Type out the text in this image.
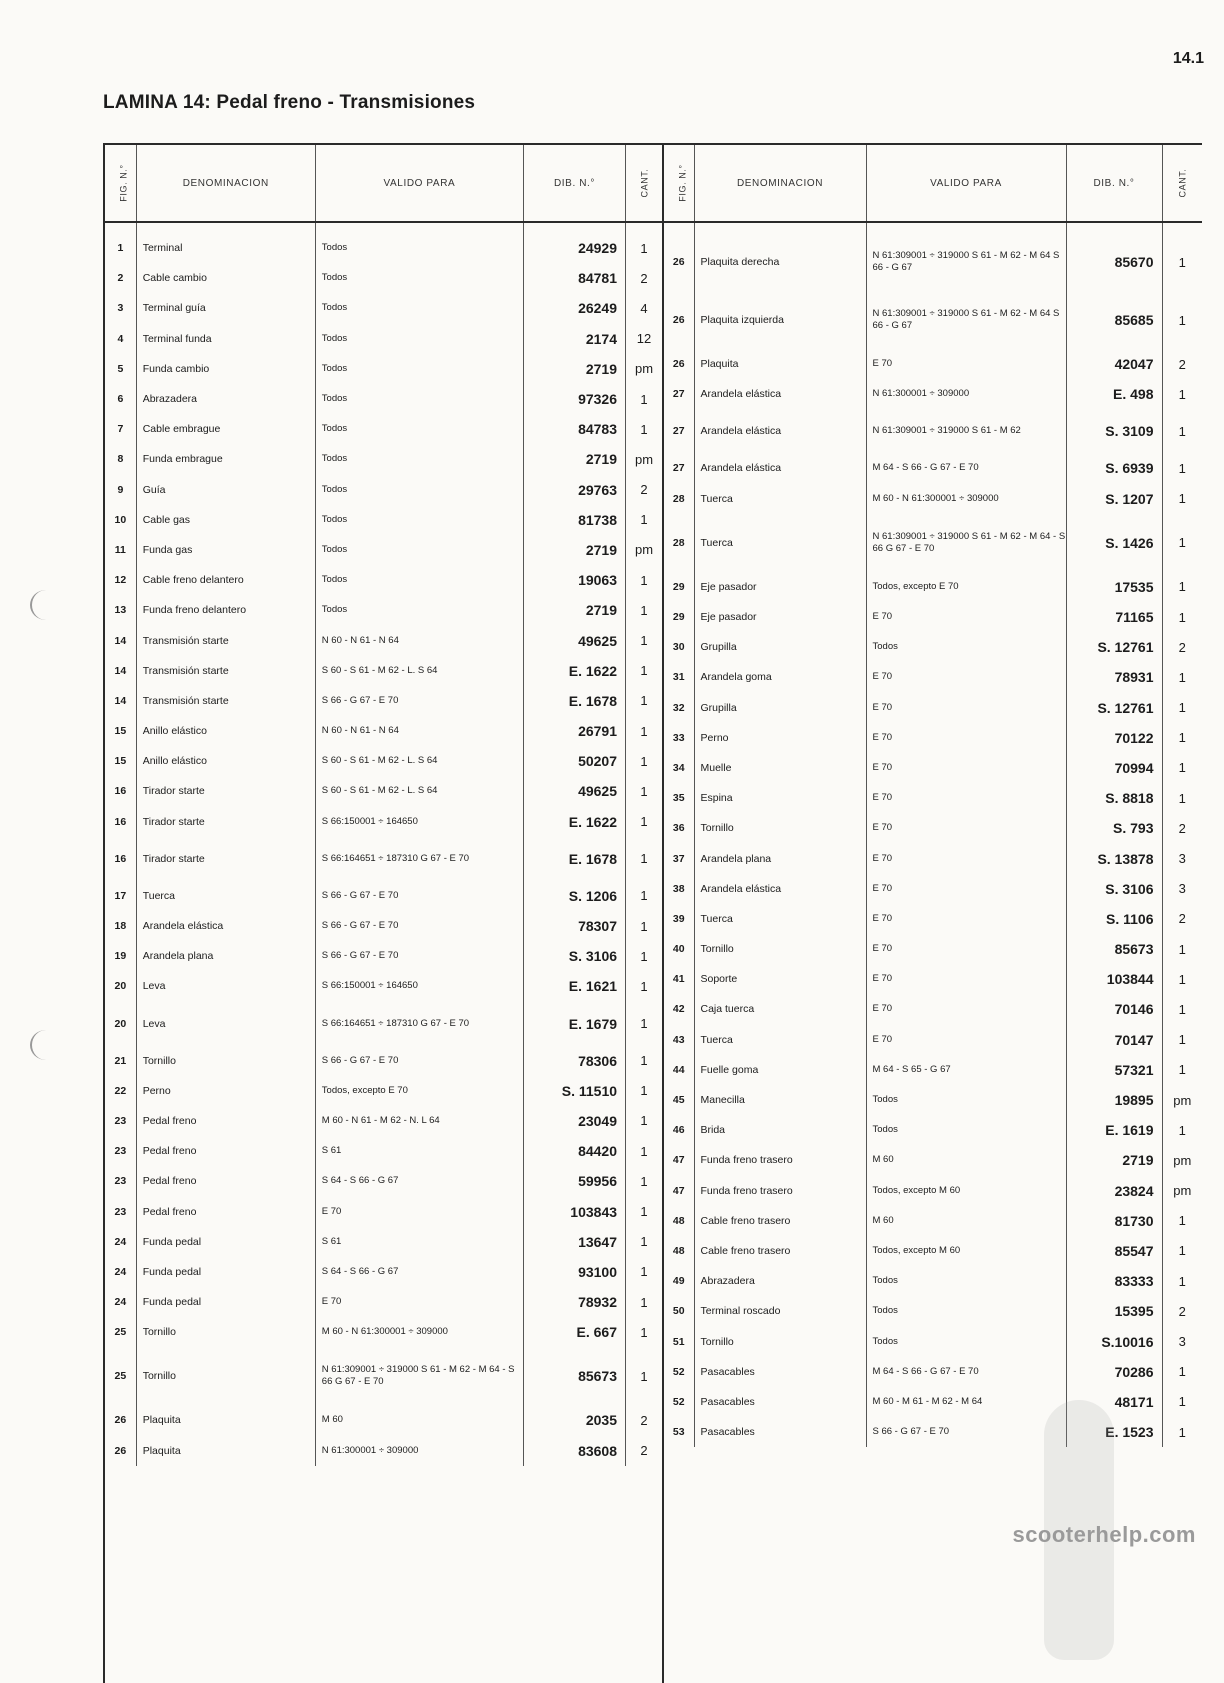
14.1
LAMINA 14: Pedal freno - Transmisiones
FIG. N.°	DENOMINACION	VALIDO PARA	DIB. N.°	CANT.
1	Terminal	Todos	24929	1
2	Cable cambio	Todos	84781	2
3	Terminal guía	Todos	26249	4
4	Terminal funda	Todos	2174	12
5	Funda cambio	Todos	2719	pm
6	Abrazadera	Todos	97326	1
7	Cable embrague	Todos	84783	1
8	Funda embrague	Todos	2719	pm
9	Guía	Todos	29763	2
10	Cable gas	Todos	81738	1
11	Funda gas	Todos	2719	pm
12	Cable freno delantero	Todos	19063	1
13	Funda freno delantero	Todos	2719	1
14	Transmisión starte	N 60 - N 61 - N 64	49625	1
14	Transmisión starte	S 60 - S 61 - M 62 - L. S 64	E. 1622	1
14	Transmisión starte	S 66 - G 67 - E 70	E. 1678	1
15	Anillo elástico	N 60 - N 61 - N 64	26791	1
15	Anillo elástico	S 60 - S 61 - M 62 - L. S 64	50207	1
16	Tirador starte	S 60 - S 61 - M 62 - L. S 64	49625	1
16	Tirador starte	S 66:150001 ÷ 164650	E. 1622	1
16	Tirador starte	S 66:164651 ÷ 187310 G 67 - E 70	E. 1678	1
17	Tuerca	S 66 - G 67 - E 70	S. 1206	1
18	Arandela elástica	S 66 - G 67 - E 70	78307	1
19	Arandela plana	S 66 - G 67 - E 70	S. 3106	1
20	Leva	S 66:150001 ÷ 164650	E. 1621	1
20	Leva	S 66:164651 ÷ 187310 G 67 - E 70	E. 1679	1
21	Tornillo	S 66 - G 67 - E 70	78306	1
22	Perno	Todos, excepto E 70	S. 11510	1
23	Pedal freno	M 60 - N 61 - M 62 - N. L 64	23049	1
23	Pedal freno	S 61	84420	1
23	Pedal freno	S 64 - S 66 - G 67	59956	1
23	Pedal freno	E 70	103843	1
24	Funda pedal	S 61	13647	1
24	Funda pedal	S 64 - S 66 - G 67	93100	1
24	Funda pedal	E 70	78932	1
25	Tornillo	M 60 - N 61:300001 ÷ 309000	E. 667	1
25	Tornillo	N 61:309001 ÷ 319000 S 61 - M 62 - M 64 - S 66 G 67 - E 70	85673	1
26	Plaquita	M 60	2035	2
26	Plaquita	N 61:300001 ÷ 309000	83608	2
FIG. N.°	DENOMINACION	VALIDO PARA	DIB. N.°	CANT.
26	Plaquita derecha	N 61:309001 ÷ 319000 S 61 - M 62 - M 64 S 66 - G 67	85670	1
26	Plaquita izquierda	N 61:309001 ÷ 319000 S 61 - M 62 - M 64 S 66 - G 67	85685	1
26	Plaquita	E 70	42047	2
27	Arandela elástica	N 61:300001 ÷ 309000	E. 498	1
27	Arandela elástica	N 61:309001 ÷ 319000 S 61 - M 62	S. 3109	1
27	Arandela elástica	M 64 - S 66 - G 67 - E 70	S. 6939	1
28	Tuerca	M 60 - N 61:300001 ÷ 309000	S. 1207	1
28	Tuerca	N 61:309001 ÷ 319000 S 61 - M 62 - M 64 - S 66 G 67 - E 70	S. 1426	1
29	Eje pasador	Todos, excepto E 70	17535	1
29	Eje pasador	E 70	71165	1
30	Grupilla	Todos	S. 12761	2
31	Arandela goma	E 70	78931	1
32	Grupilla	E 70	S. 12761	1
33	Perno	E 70	70122	1
34	Muelle	E 70	70994	1
35	Espina	E 70	S. 8818	1
36	Tornillo	E 70	S. 793	2
37	Arandela plana	E 70	S. 13878	3
38	Arandela elástica	E 70	S. 3106	3
39	Tuerca	E 70	S. 1106	2
40	Tornillo	E 70	85673	1
41	Soporte	E 70	103844	1
42	Caja tuerca	E 70	70146	1
43	Tuerca	E 70	70147	1
44	Fuelle goma	M 64 - S 65 - G 67	57321	1
45	Manecilla	Todos	19895	pm
46	Brida	Todos	E. 1619	1
47	Funda freno trasero	M 60	2719	pm
47	Funda freno trasero	Todos, excepto M 60	23824	pm
48	Cable freno trasero	M 60	81730	1
48	Cable freno trasero	Todos, excepto M 60	85547	1
49	Abrazadera	Todos	83333	1
50	Terminal roscado	Todos	15395	2
51	Tornillo	Todos	S.10016	3
52	Pasacables	M 64 - S 66 - G 67 - E 70	70286	1
52	Pasacables	M 60 - M 61 - M 62 - M 64	48171	1
53	Pasacables	S 66 - G 67 - E 70	E. 1523	1
scooterhelp.com
